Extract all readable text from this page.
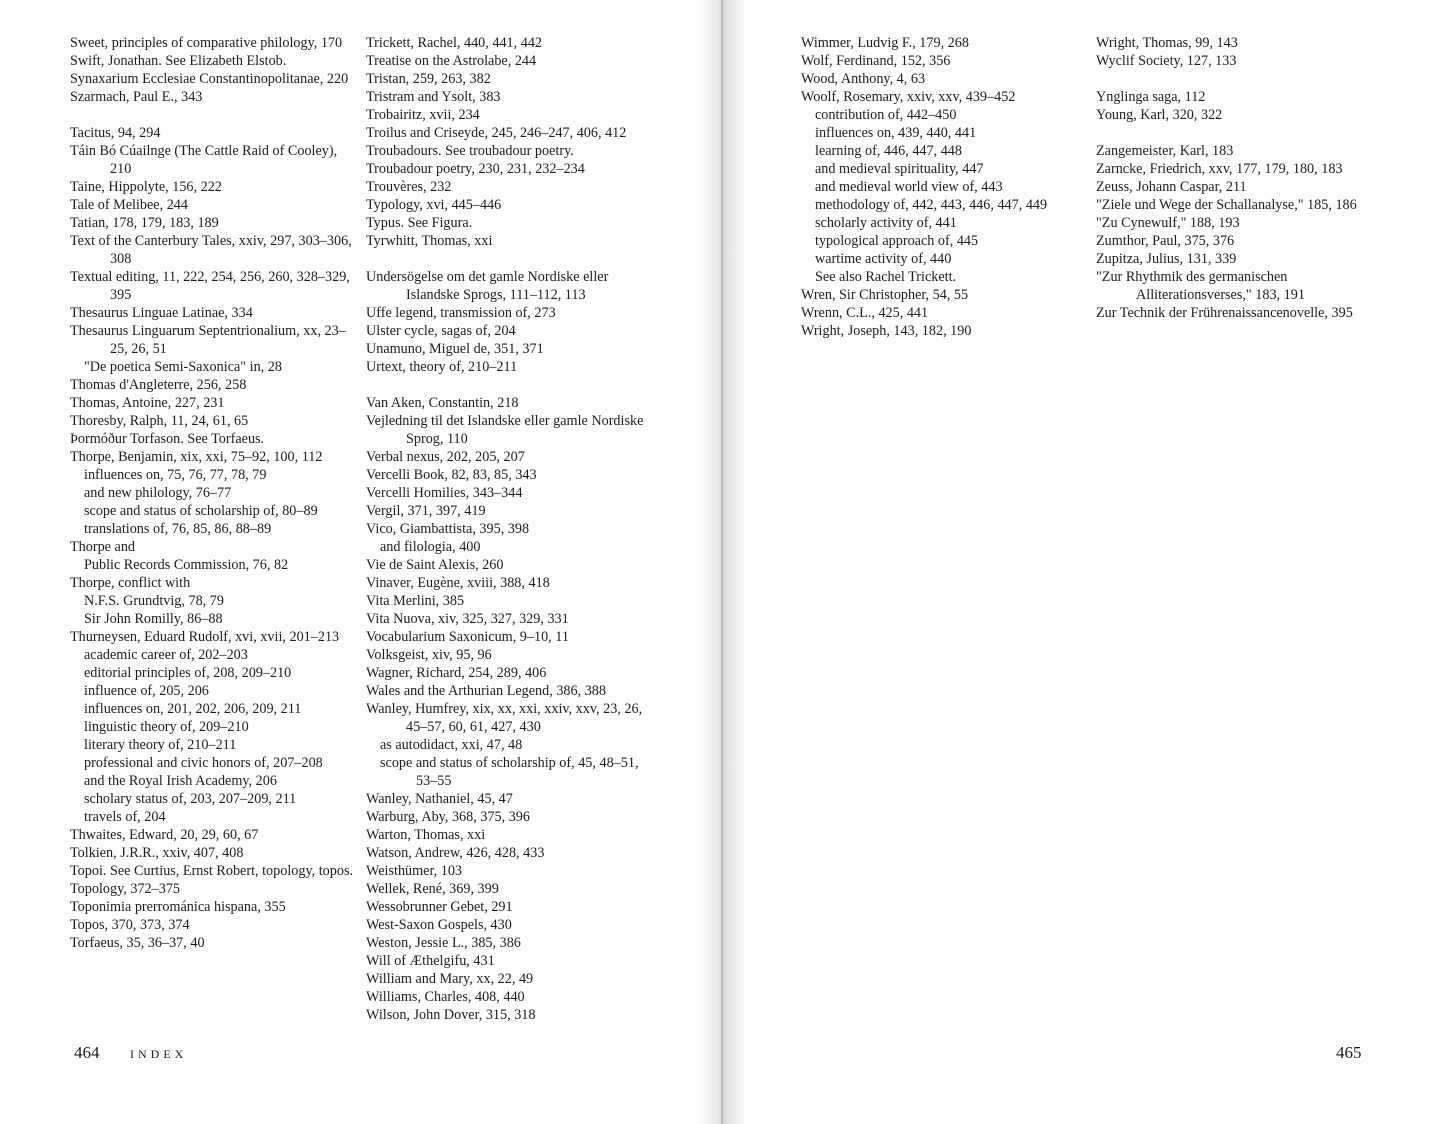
Sweet, principles of comparative philology, 170

Swift, Jonathan. See Elizabeth Elstob.

Synaxarium Ecclesiae Constantinopolitanae, 220

Szarmach, Paul E., 343

Tacitus, 94, 294

Táin Bó Cúailnge (The Cattle Raid of Cooley), 210

Taine, Hippolyte, 156, 222

Tale of Melibee, 244

Tatian, 178, 179, 183, 189

Text of the Canterbury Tales, xxiv, 297, 303–306, 308

Textual editing, 11, 222, 254, 256, 260, 328–329, 395

Thesaurus Linguae Latinae, 334

Thesaurus Linguarum Septentrionalium, xx, 23–25, 26, 51

"De poetica Semi-Saxonica" in, 28

Thomas d'Angleterre, 256, 258

Thomas, Antoine, 227, 231

Thoresby, Ralph, 11, 24, 61, 65

Þormóður Torfason. See Torfaeus.

Thorpe, Benjamin, xix, xxi, 75–92, 100, 112

influences on, 75, 76, 77, 78, 79

and new philology, 76–77

scope and status of scholarship of, 80–89

translations of, 76, 85, 86, 88–89

Thorpe and

Public Records Commission, 76, 82

Thorpe, conflict with

N.F.S. Grundtvig, 78, 79

Sir John Romilly, 86–88

Thurneysen, Eduard Rudolf, xvi, xvii, 201–213

academic career of, 202–203

editorial principles of, 208, 209–210

influence of, 205, 206

influences on, 201, 202, 206, 209, 211

linguistic theory of, 209–210

literary theory of, 210–211

professional and civic honors of, 207–208

and the Royal Irish Academy, 206

scholary status of, 203, 207–209, 211

travels of, 204

Thwaites, Edward, 20, 29, 60, 67

Tolkien, J.R.R., xxiv, 407, 408

Topoi. See Curtius, Ernst Robert, topology, topos.

Topology, 372–375

Toponimia prerrománica hispana, 355

Topos, 370, 373, 374

Torfaeus, 35, 36–37, 40

Trickett, Rachel, 440, 441, 442

Treatise on the Astrolabe, 244

Tristan, 259, 263, 382

Tristram and Ysolt, 383

Trobairitz, xvii, 234

Troilus and Criseyde, 245, 246–247, 406, 412

Troubadours. See troubadour poetry.

Troubadour poetry, 230, 231, 232–234

Trouvères, 232

Typology, xvi, 445–446

Typus. See Figura.

Tyrwhitt, Thomas, xxi

Undersögelse om det gamle Nordiske eller Islandske Sprogs, 111–112, 113

Uffe legend, transmission of, 273

Ulster cycle, sagas of, 204

Unamuno, Miguel de, 351, 371

Urtext, theory of, 210–211

Van Aken, Constantin, 218

Vejledning til det Islandske eller gamle Nordiske Sprog, 110

Verbal nexus, 202, 205, 207

Vercelli Book, 82, 83, 85, 343

Vercelli Homilies, 343–344

Vergil, 371, 397, 419

Vico, Giambattista, 395, 398

and filologia, 400

Vie de Saint Alexis, 260

Vinaver, Eugène, xviii, 388, 418

Vita Merlini, 385

Vita Nuova, xiv, 325, 327, 329, 331

Vocabularium Saxonicum, 9–10, 11

Volksgeist, xiv, 95, 96

Wagner, Richard, 254, 289, 406

Wales and the Arthurian Legend, 386, 388

Wanley, Humfrey, xix, xx, xxi, xxiv, xxv, 23, 26, 45–57, 60, 61, 427, 430

as autodidact, xxi, 47, 48

scope and status of scholarship of, 45, 48–51, 53–55

Wanley, Nathaniel, 45, 47

Warburg, Aby, 368, 375, 396

Warton, Thomas, xxi

Watson, Andrew, 426, 428, 433

Weisthümer, 103

Wellek, René, 369, 399

Wessobrunner Gebet, 291

West-Saxon Gospels, 430

Weston, Jessie L., 385, 386

Will of Æthelgifu, 431

William and Mary, xx, 22, 49

Williams, Charles, 408, 440

Wilson, John Dover, 315, 318

464	INDEX	465

Wimmer, Ludvig F., 179, 268

Wolf, Ferdinand, 152, 356

Wood, Anthony, 4, 63

Woolf, Rosemary, xxiv, xxv, 439–452

contribution of, 442–450

influences on, 439, 440, 441

learning of, 446, 447, 448

and medieval spirituality, 447

and medieval world view of, 443

methodology of, 442, 443, 446, 447, 449

scholarly activity of, 441

typological approach of, 445

wartime activity of, 440

See also Rachel Trickett.

Wren, Sir Christopher, 54, 55

Wrenn, C.L., 425, 441

Wright, Joseph, 143, 182, 190

Wright, Thomas, 99, 143

Wyclif Society, 127, 133

Ynglinga saga, 112

Young, Karl, 320, 322

Zangemeister, Karl, 183

Zarncke, Friedrich, xxv, 177, 179, 180, 183

Zeuss, Johann Caspar, 211

"Ziele und Wege der Schallanalyse," 185, 186

"Zu Cynewulf," 188, 193

Zumthor, Paul, 375, 376

Zupitza, Julius, 131, 339

"Zur Rhythmik des germanischen Alliterationsverses," 183, 191

Zur Technik der Frührenaissancenovelle, 395
